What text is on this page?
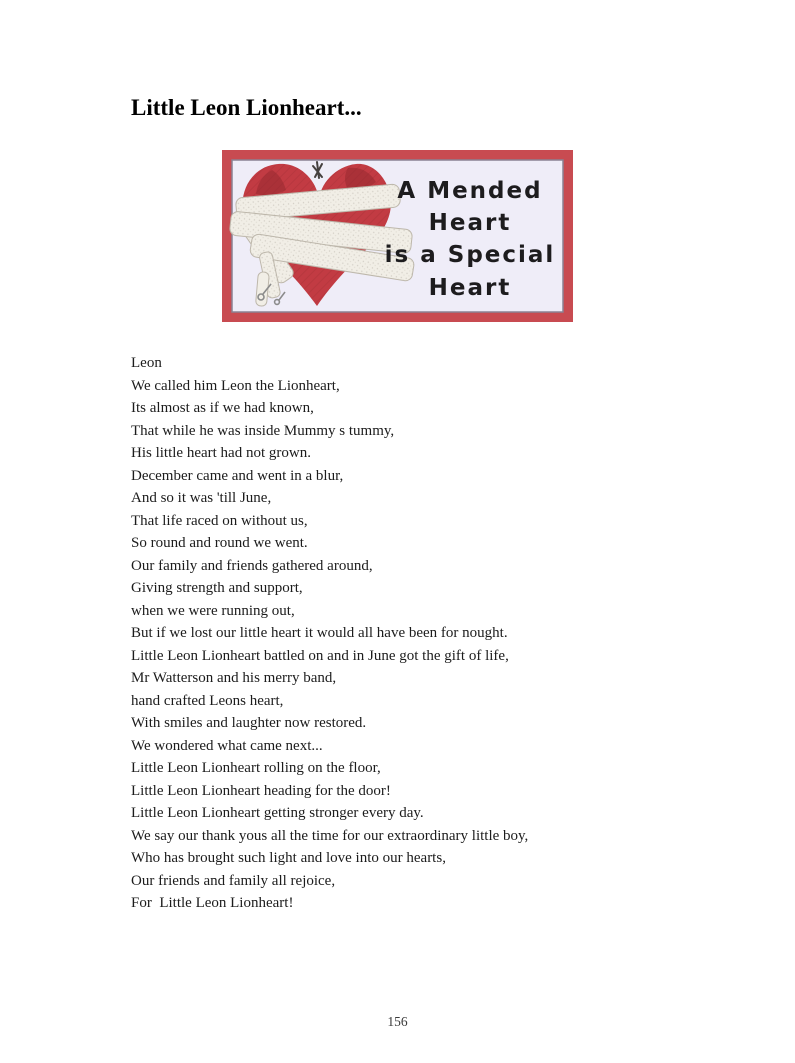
Little Leon Lionheart...
A Mended
Heart
is a Special
Heart
Leon
We called him Leon the Lionheart,
Its almost as if we had known,
That while he was inside Mummy s tummy,
His little heart had not grown.
December came and went in a blur,
And so it was 'till June,
That life raced on without us,
So round and round we went.
Our family and friends gathered around,
Giving strength and support,
when we were running out,
But if we lost our little heart it would all have been for nought.
Little Leon Lionheart battled on and in June got the gift of life,
Mr Watterson and his merry band,
hand crafted Leons heart,
With smiles and laughter now restored.
We wondered what came next...
Little Leon Lionheart rolling on the floor,
Little Leon Lionheart heading for the door!
Little Leon Lionheart getting stronger every day.
We say our thank yous all the time for our extraordinary little boy,
Who has brought such light and love into our hearts,
Our friends and family all rejoice,
For  Little Leon Lionheart!
156
